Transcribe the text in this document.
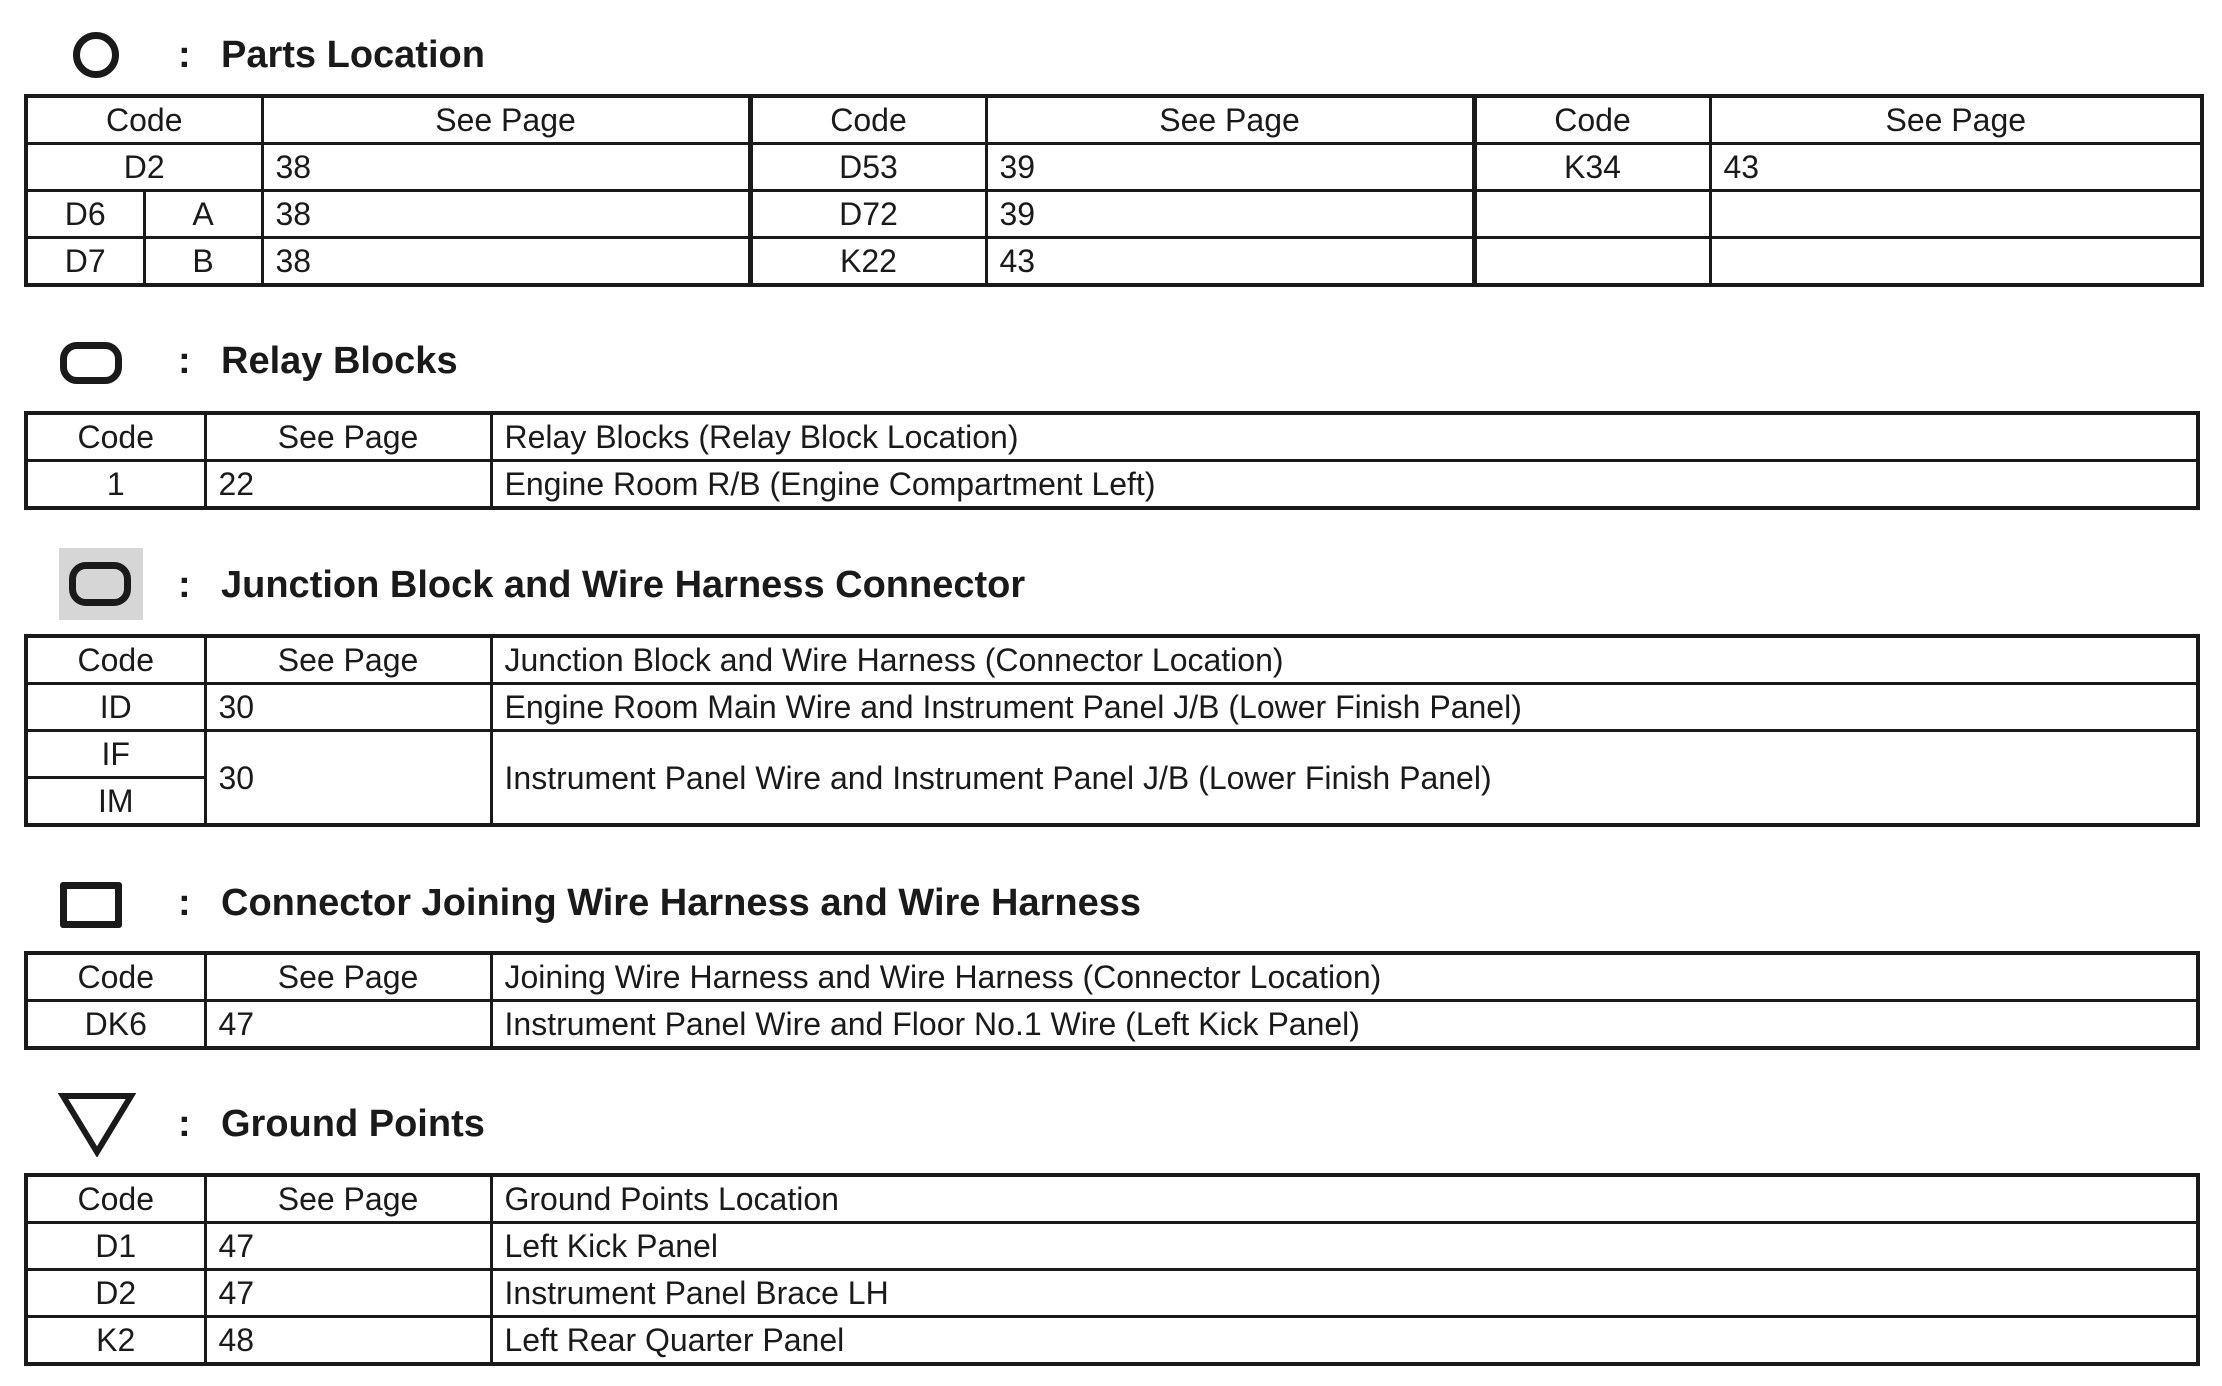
: Parts Location
Code		See Page	Code	See Page	Code	See Page
D2		38	D53	39	K34	43
D6	A	38	D72	39		
D7	B	38	K22	43		
: Relay Blocks
Code	See Page	Relay Blocks (Relay Block Location)
1	22	Engine Room R/B (Engine Compartment Left)
: Junction Block and Wire Harness Connector
Code	See Page	Junction Block and Wire Harness (Connector Location)
ID	30	Engine Room Main Wire and Instrument Panel J/B (Lower Finish Panel)
IF	30	Instrument Panel Wire and Instrument Panel J/B (Lower Finish Panel)
IM		
: Connector Joining Wire Harness and Wire Harness
Code	See Page	Joining Wire Harness and Wire Harness (Connector Location)
DK6	47	Instrument Panel Wire and Floor No.1 Wire (Left Kick Panel)
: Ground Points
Code	See Page	Ground Points Location
D1	47	Left Kick Panel
D2	47	Instrument Panel Brace LH
K2	48	Left Rear Quarter Panel
